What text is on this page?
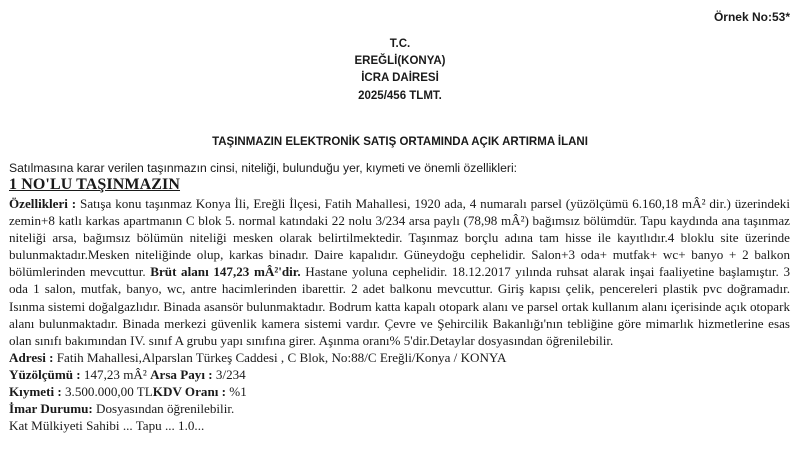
Örnek No:53*
T.C.
EREĞLİ(KONYA)
İCRA DAİRESİ
2025/456 TLMT.
TAŞINMAZIN ELEKTRONİK SATIŞ ORTAMINDA AÇIK ARTIRMA İLANI
Satılmasına karar verilen taşınmazın cinsi, niteliği, bulunduğu yer, kıymeti ve önemli özellikleri:
1 NO'LU TAŞINMAZIN

Özellikleri : Satışa konu taşınmaz Konya İli, Ereğli İlçesi, Fatih Mahallesi, 1920 ada, 4 numaralı parsel (yüzölçümü 6.160,18 mÂ² dir.) üzerindeki zemin+8 katlı karkas apartmanın C blok 5. normal katındaki 22 nolu 3/234 arsa paylı (78,98 mÂ²) bağımsız bölümdür. Tapu kaydında ana taşınmaz niteliği arsa, bağımsız bölümün niteliği mesken olarak belirtilmektedir. Taşınmaz borçlu adına tam hisse ile kayıtlıdır.4 bloklu site üzerinde bulunmaktadır.Mesken niteliğinde olup, karkas binadır. Daire kapalıdır. Güneydoğu cephelidir. Salon+3 oda+ mutfak+ wc+ banyo + 2 balkon bölümlerinden mevcuttur. Brüt alanı 147,23 mÂ²'dir. Hastane yoluna cephelidir. 18.12.2017 yılında ruhsat alarak inşai faaliyetine başlamıştır. 3 oda 1 salon, mutfak, banyo, wc, antre hacimlerinden ibarettir. 2 adet balkonu mevcuttur. Giriş kapısı çelik, pencereleri plastik pvc doğramadır. Isınma sistemi doğalgazlıdır. Binada asansör bulunmaktadır. Bodrum katta kapalı otopark alanı ve parsel ortak kullanım alanı içerisinde açık otopark alanı bulunmaktadır. Binada merkezi güvenlik kamera sistemi vardır. Çevre ve Şehircilik Bakanlığı'nın tebliğine göre mimarlık hizmetlerine esas olan sınıfı bakımından IV. sınıf A grubu yapı sınıfına girer. Aşınma oranı% 5'dir.Detaylar dosyasından öğrenilebilir.

Adresi : Fatih Mahallesi,Alparslan Türkeş Caddesi , C Blok, No:88/C Ereğli/Konya / KONYA

Yüzölçümü : 147,23 mÂ² Arsa Payı : 3/234

Kıymeti : 3.500.000,00 TLKDV Oranı : %1

İmar Durumu: Dosyasından öğrenilebilir.

Kat Mülkiyeti Sahibi ... Tapu ... 1.0...
